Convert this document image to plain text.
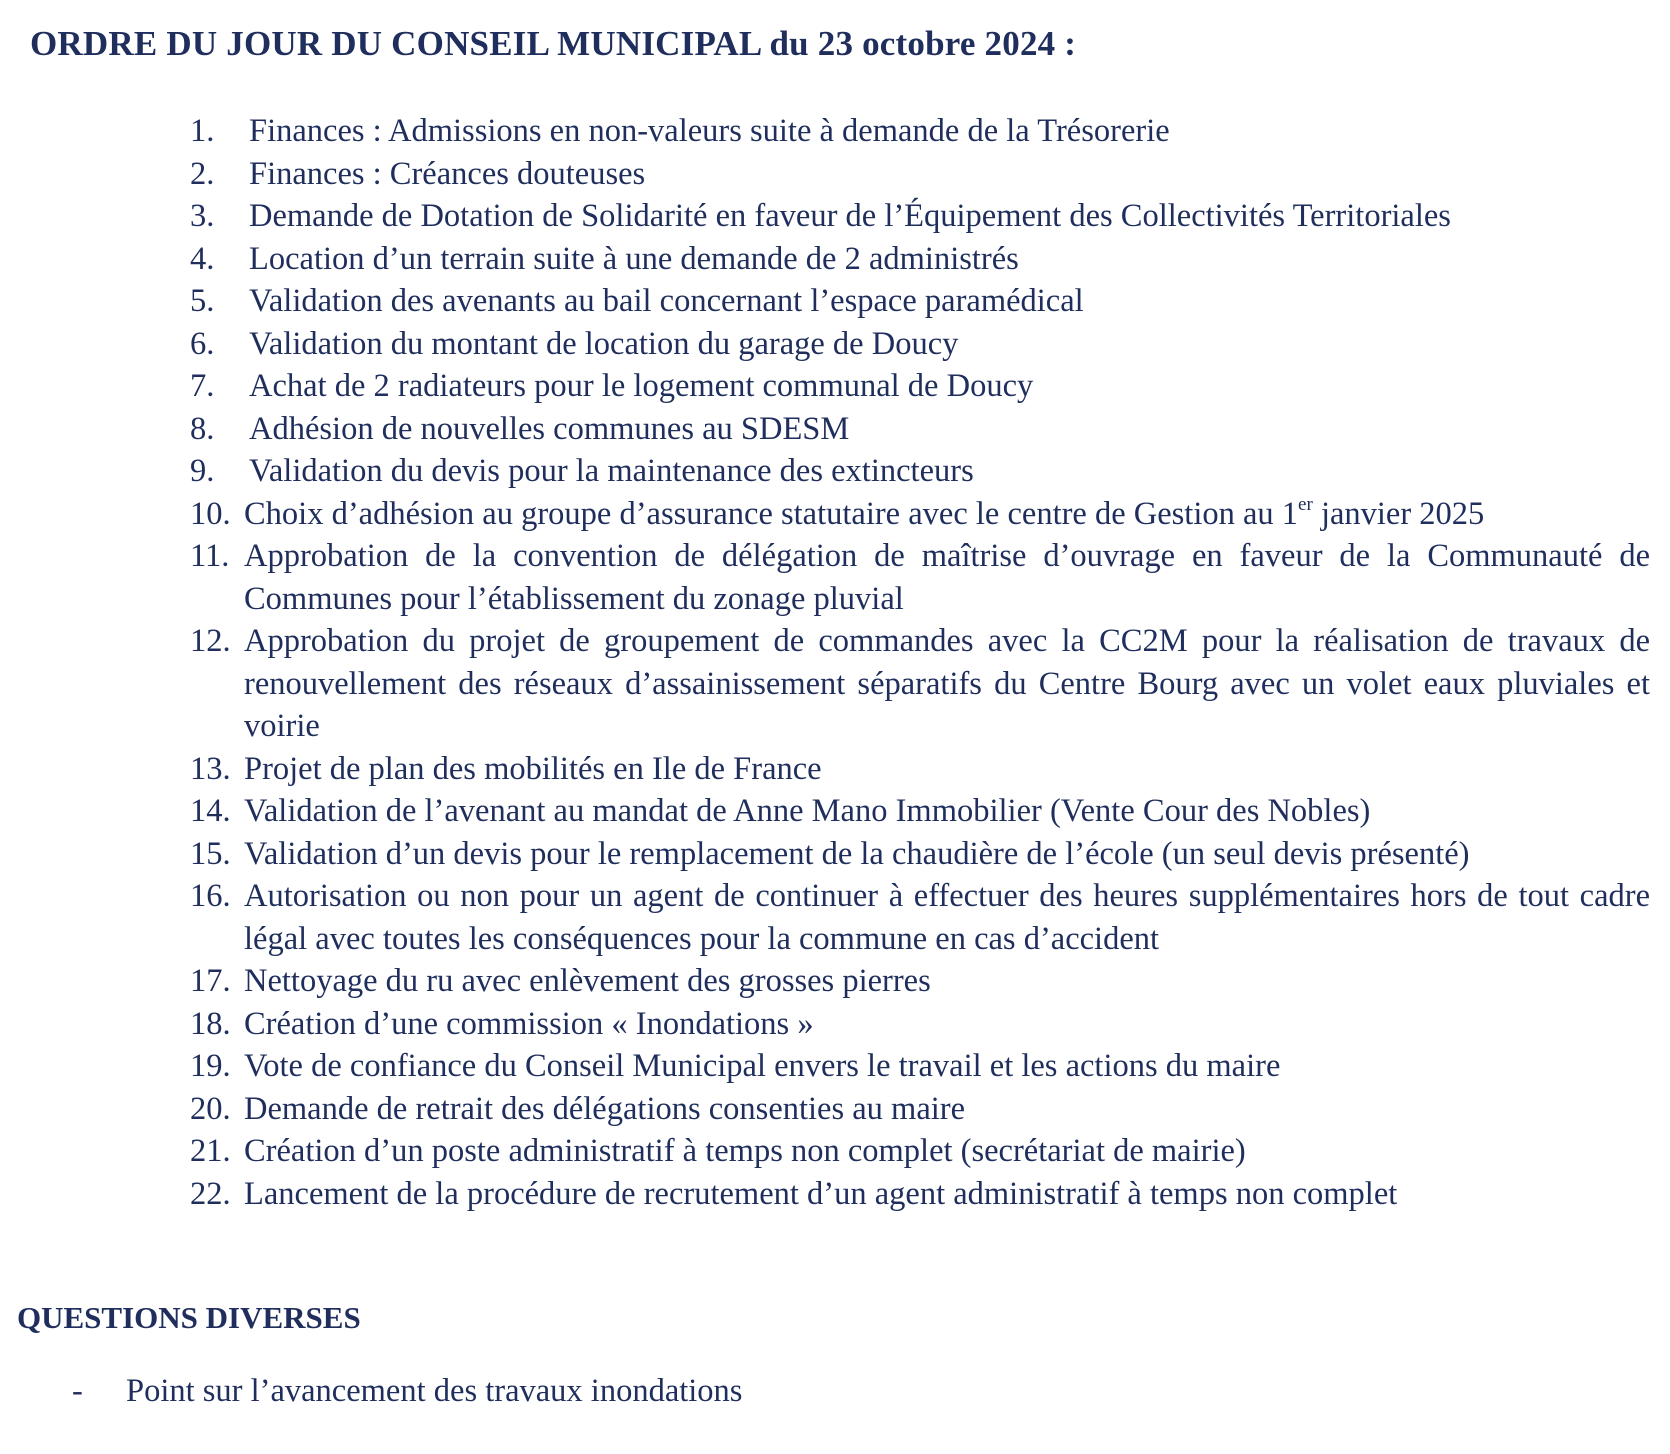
ORDRE DU JOUR DU CONSEIL MUNICIPAL du 23 octobre 2024 :
1.	Finances : Admissions en non-valeurs suite à demande de la Trésorerie
2.	Finances : Créances douteuses
3.	Demande de Dotation de Solidarité en faveur de l’Équipement des Collectivités Territoriales
4.	Location d’un terrain suite à une demande de 2 administrés
5.	Validation des avenants au bail concernant l’espace paramédical
6.	Validation du montant de location du garage de Doucy
7.	Achat de 2 radiateurs pour le logement communal de Doucy
8.	Adhésion de nouvelles communes au SDESM
9.	Validation du devis pour la maintenance des extincteurs
10. Choix d’adhésion au groupe d’assurance statutaire avec le centre de Gestion au 1er janvier 2025
11. Approbation de la convention de délégation de maîtrise d’ouvrage en faveur de la Communauté de Communes pour l’établissement du zonage pluvial
12. Approbation du projet de groupement de commandes avec la CC2M pour la réalisation de travaux de renouvellement des réseaux d’assainissement séparatifs du Centre Bourg avec un volet eaux pluviales et voirie
13. Projet de plan des mobilités en Ile de France
14. Validation de l’avenant au mandat de Anne Mano Immobilier (Vente Cour des Nobles)
15. Validation d’un devis pour le remplacement de la chaudière de l’école (un seul devis présenté)
16. Autorisation ou non pour un agent de continuer à effectuer des heures supplémentaires hors de tout cadre légal avec toutes les conséquences pour la commune en cas d’accident
17. Nettoyage du ru avec enlèvement des grosses pierres
18. Création d’une commission « Inondations »
19. Vote de confiance du Conseil Municipal envers le travail et les actions du maire
20. Demande de retrait des délégations consenties au maire
21. Création d’un poste administratif à temps non complet (secrétariat de mairie)
22. Lancement de la procédure de recrutement d’un agent administratif à temps non complet
QUESTIONS DIVERSES
-	Point sur l’avancement des travaux inondations
